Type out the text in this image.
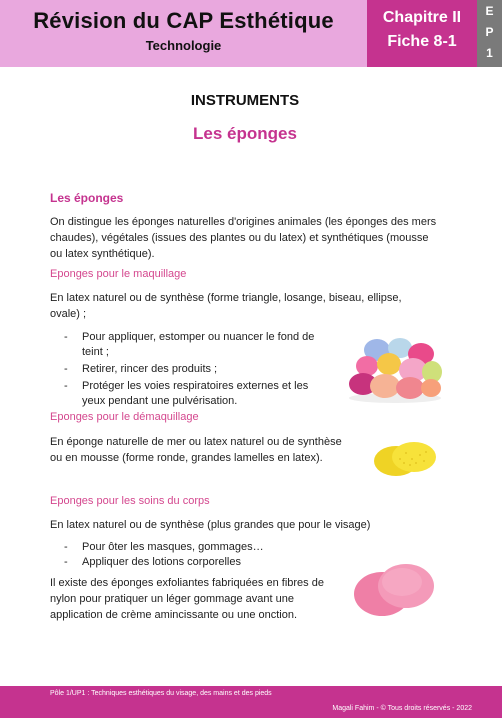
Révision du CAP Esthétique
Technologie
Chapitre II
Fiche 8-1
E
P
1
INSTRUMENTS
Les éponges
Les éponges
On distingue les éponges naturelles d'origines animales (les éponges des mers
chaudes), végétales (issues des plantes ou du latex) et synthétiques (mousse
ou latex synthétique).
Eponges pour le maquillage
En latex naturel ou de synthèse (forme triangle, losange, biseau, ellipse,
ovale) ;
- Pour appliquer, estomper ou nuancer le fond de
teint ;
- Retirer, rincer des produits ;
- Protéger les voies respiratoires externes et les
yeux pendant une pulvérisation.
Eponges pour le démaquillage
En éponge naturelle de mer ou latex naturel ou de synthèse
ou en mousse (forme ronde, grandes lamelles en latex).
Eponges pour les soins du corps
En latex naturel ou de synthèse (plus grandes que pour le visage)
- Pour ôter les masques, gommages…
- Appliquer des lotions corporelles
Il existe des éponges exfoliantes fabriquées en fibres de
nylon pour pratiquer un léger gommage avant une
application de crème amincissante ou une onction.
Pôle 1/UP1 : Techniques esthétiques du visage, des mains et des pieds
Magali Fahim - © Tous droits réservés - 2022
